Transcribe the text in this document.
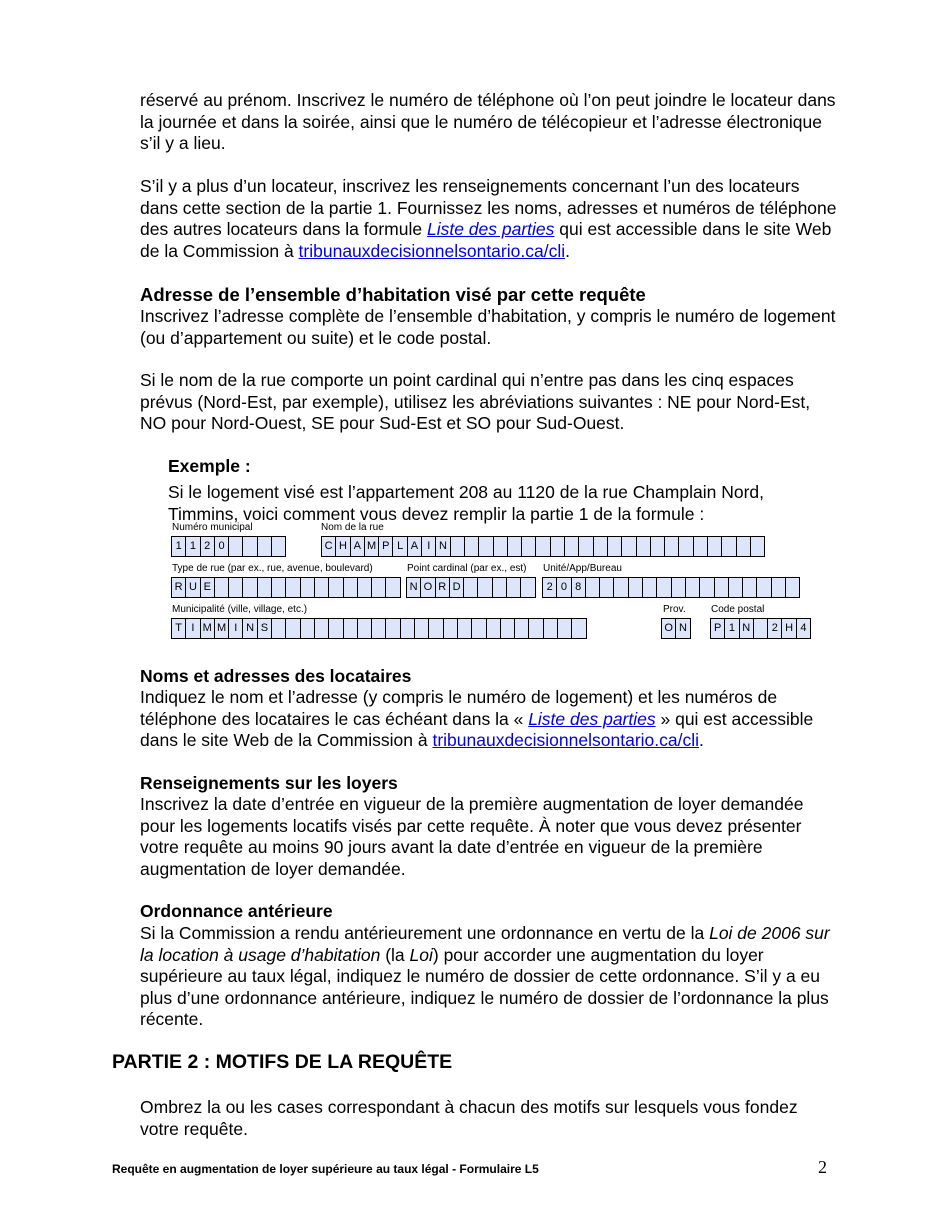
réservé au prénom. Inscrivez le numéro de téléphone où l’on peut joindre le locateur dans la journée et dans la soirée, ainsi que le numéro de télécopieur et l’adresse électronique s’il y a lieu.

S’il y a plus d’un locateur, inscrivez les renseignements concernant l’un des locateurs dans cette section de la partie 1. Fournissez les noms, adresses et numéros de téléphone des autres locateurs dans la formule Liste des parties qui est accessible dans le site Web de la Commission à tribunauxdecisionnelsontario.ca/cli.

Adresse de l’ensemble d’habitation visé par cette requête

Inscrivez l’adresse complète de l’ensemble d’habitation, y compris le numéro de logement (ou d’appartement ou suite) et le code postal.

Si le nom de la rue comporte un point cardinal qui n’entre pas dans les cinq espaces prévus (Nord-Est, par exemple), utilisez les abréviations suivantes : NE pour Nord-Est, NO pour Nord-Ouest, SE pour Sud-Est et SO pour Sud-Ouest.

Exemple :

Si le logement visé est l’appartement 208 au 1120 de la rue Champlain Nord, Timmins, voici comment vous devez remplir la partie 1 de la formule :

Numéro municipal	Nom de la rue
1 1 2 0	C H A M P L A I N
Type de rue (par ex., rue, avenue, boulevard)	Point cardinal (par ex., est) Unité/App/Bureau
R U E	N O R D	2 0 8
Municipalité (ville, village, etc.)	Prov.	Code postal
T I M M I N S	O N	P 1 N	2 H 4
Noms et adresses des locataires

Indiquez le nom et l’adresse (y compris le numéro de logement) et les numéros de téléphone des locataires le cas échéant dans la « Liste des parties » qui est accessible dans le site Web de la Commission à tribunauxdecisionnelsontario.ca/cli.

Renseignements sur les loyers

Inscrivez la date d’entrée en vigueur de la première augmentation de loyer demandée pour les logements locatifs visés par cette requête. À noter que vous devez présenter votre requête au moins 90 jours avant la date d’entrée en vigueur de la première augmentation de loyer demandée.

Ordonnance antérieure

Si la Commission a rendu antérieurement une ordonnance en vertu de la Loi de 2006 sur la location à usage d’habitation (la Loi) pour accorder une augmentation du loyer supérieure au taux légal, indiquez le numéro de dossier de cette ordonnance. S’il y a eu plus d’une ordonnance antérieure, indiquez le numéro de dossier de l’ordonnance la plus récente.

PARTIE 2 : MOTIFS DE LA REQUÊTE

Ombrez la ou les cases correspondant à chacun des motifs sur lesquels vous fondez votre requête.

Requête en augmentation de loyer supérieure au taux légal - Formulaire L5	2
